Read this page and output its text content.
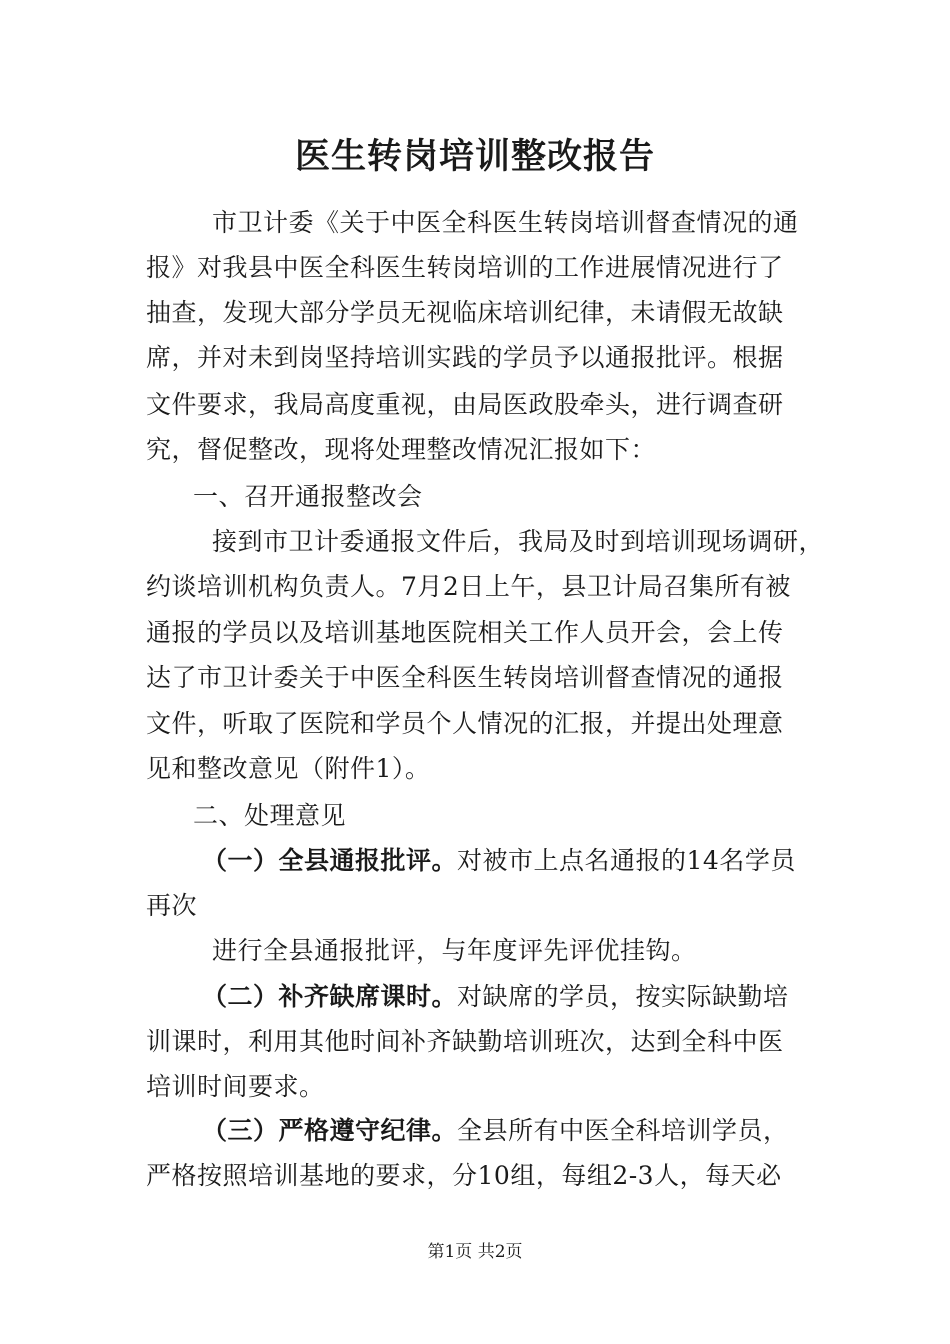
医生转岗培训整改报告
市卫计委《关于中医全科医生转岗培训督查情况的通
报》对我县中医全科医生转岗培训的工作进展情况进行了
抽查，发现大部分学员无视临床培训纪律，未请假无故缺
席，并对未到岗坚持培训实践的学员予以通报批评。根据
文件要求，我局高度重视，由局医政股牵头，进行调查研
究，督促整改，现将处理整改情况汇报如下：
一、召开通报整改会
接到市卫计委通报文件后，我局及时到培训现场调研，
约谈培训机构负责人。7月2日上午，县卫计局召集所有被
通报的学员以及培训基地医院相关工作人员开会，会上传
达了市卫计委关于中医全科医生转岗培训督查情况的通报
文件，听取了医院和学员个人情况的汇报，并提出处理意
见和整改意见（附件1）。
二、处理意见
（一）全县通报批评。对被市上点名通报的14名学员
再次
进行全县通报批评，与年度评先评优挂钩。
（二）补齐缺席课时。对缺席的学员，按实际缺勤培
训课时，利用其他时间补齐缺勤培训班次，达到全科中医
培训时间要求。
（三）严格遵守纪律。全县所有中医全科培训学员，
严格按照培训基地的要求，分10组，每组2-3人，每天必
第1页 共2页
